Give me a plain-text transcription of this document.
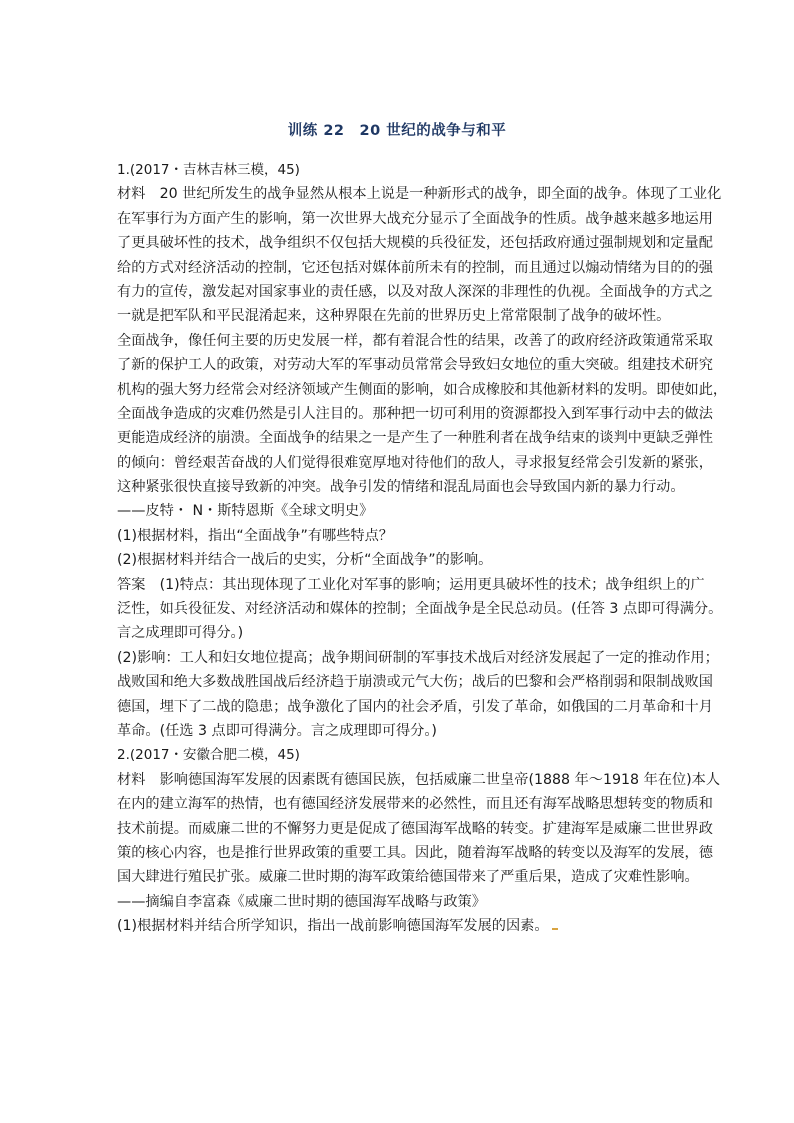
训练 22　20 世纪的战争与和平

1.(2017・吉林吉林三模，45)

材料　20 世纪所发生的战争显然从根本上说是一种新形式的战争，即全面的战争。体现了工业化

在军事行为方面产生的影响，第一次世界大战充分显示了全面战争的性质。战争越来越多地运用

了更具破坏性的技术，战争组织不仅包括大规模的兵役征发，还包括政府通过强制规划和定量配

给的方式对经济活动的控制，它还包括对媒体前所未有的控制，而且通过以煽动情绪为目的的强

有力的宣传，激发起对国家事业的责任感，以及对敌人深深的非理性的仇视。全面战争的方式之

一就是把军队和平民混淆起来，这种界限在先前的世界历史上常常限制了战争的破坏性。

全面战争，像任何主要的历史发展一样，都有着混合性的结果，改善了的政府经济政策通常采取

了新的保护工人的政策，对劳动大军的军事动员常常会导致妇女地位的重大突破。组建技术研究

机构的强大努力经常会对经济领域产生侧面的影响，如合成橡胶和其他新材料的发明。即使如此，

全面战争造成的灾难仍然是引人注目的。那种把一切可利用的资源都投入到军事行动中去的做法

更能造成经济的崩溃。全面战争的结果之一是产生了一种胜利者在战争结束的谈判中更缺乏弹性

的倾向：曾经艰苦奋战的人们觉得很难宽厚地对待他们的敌人，寻求报复经常会引发新的紧张，

这种紧张很快直接导致新的冲突。战争引发的情绪和混乱局面也会导致国内新的暴力行动。

——皮特・ N・斯特恩斯《全球文明史》

(1)根据材料，指出“全面战争”有哪些特点？

(2)根据材料并结合一战后的史实，分析“全面战争”的影响。

答案　(1)特点：其出现体现了工业化对军事的影响；运用更具破坏性的技术；战争组织上的广

泛性，如兵役征发、对经济活动和媒体的控制；全面战争是全民总动员。(任答 3 点即可得满分。

言之成理即可得分。)

(2)影响：工人和妇女地位提高；战争期间研制的军事技术战后对经济发展起了一定的推动作用；

战败国和绝大多数战胜国战后经济趋于崩溃或元气大伤；战后的巴黎和会严格削弱和限制战败国

德国，埋下了二战的隐患；战争激化了国内的社会矛盾，引发了革命，如俄国的二月革命和十月

革命。(任选 3 点即可得满分。言之成理即可得分。)

2.(2017・安徽合肥二模，45)

材料　影响德国海军发展的因素既有德国民族，包括威廉二世皇帝(1888 年～1918 年在位)本人

在内的建立海军的热情，也有德国经济发展带来的必然性，而且还有海军战略思想转变的物质和

技术前提。而威廉二世的不懈努力更是促成了德国海军战略的转变。扩建海军是威廉二世世界政

策的核心内容，也是推行世界政策的重要工具。因此，随着海军战略的转变以及海军的发展，德

国大肆进行殖民扩张。威廉二世时期的海军政策给德国带来了严重后果，造成了灾难性影响。

——摘编自李富森《威廉二世时期的德国海军战略与政策》

(1)根据材料并结合所学知识，指出一战前影响德国海军发展的因素。
